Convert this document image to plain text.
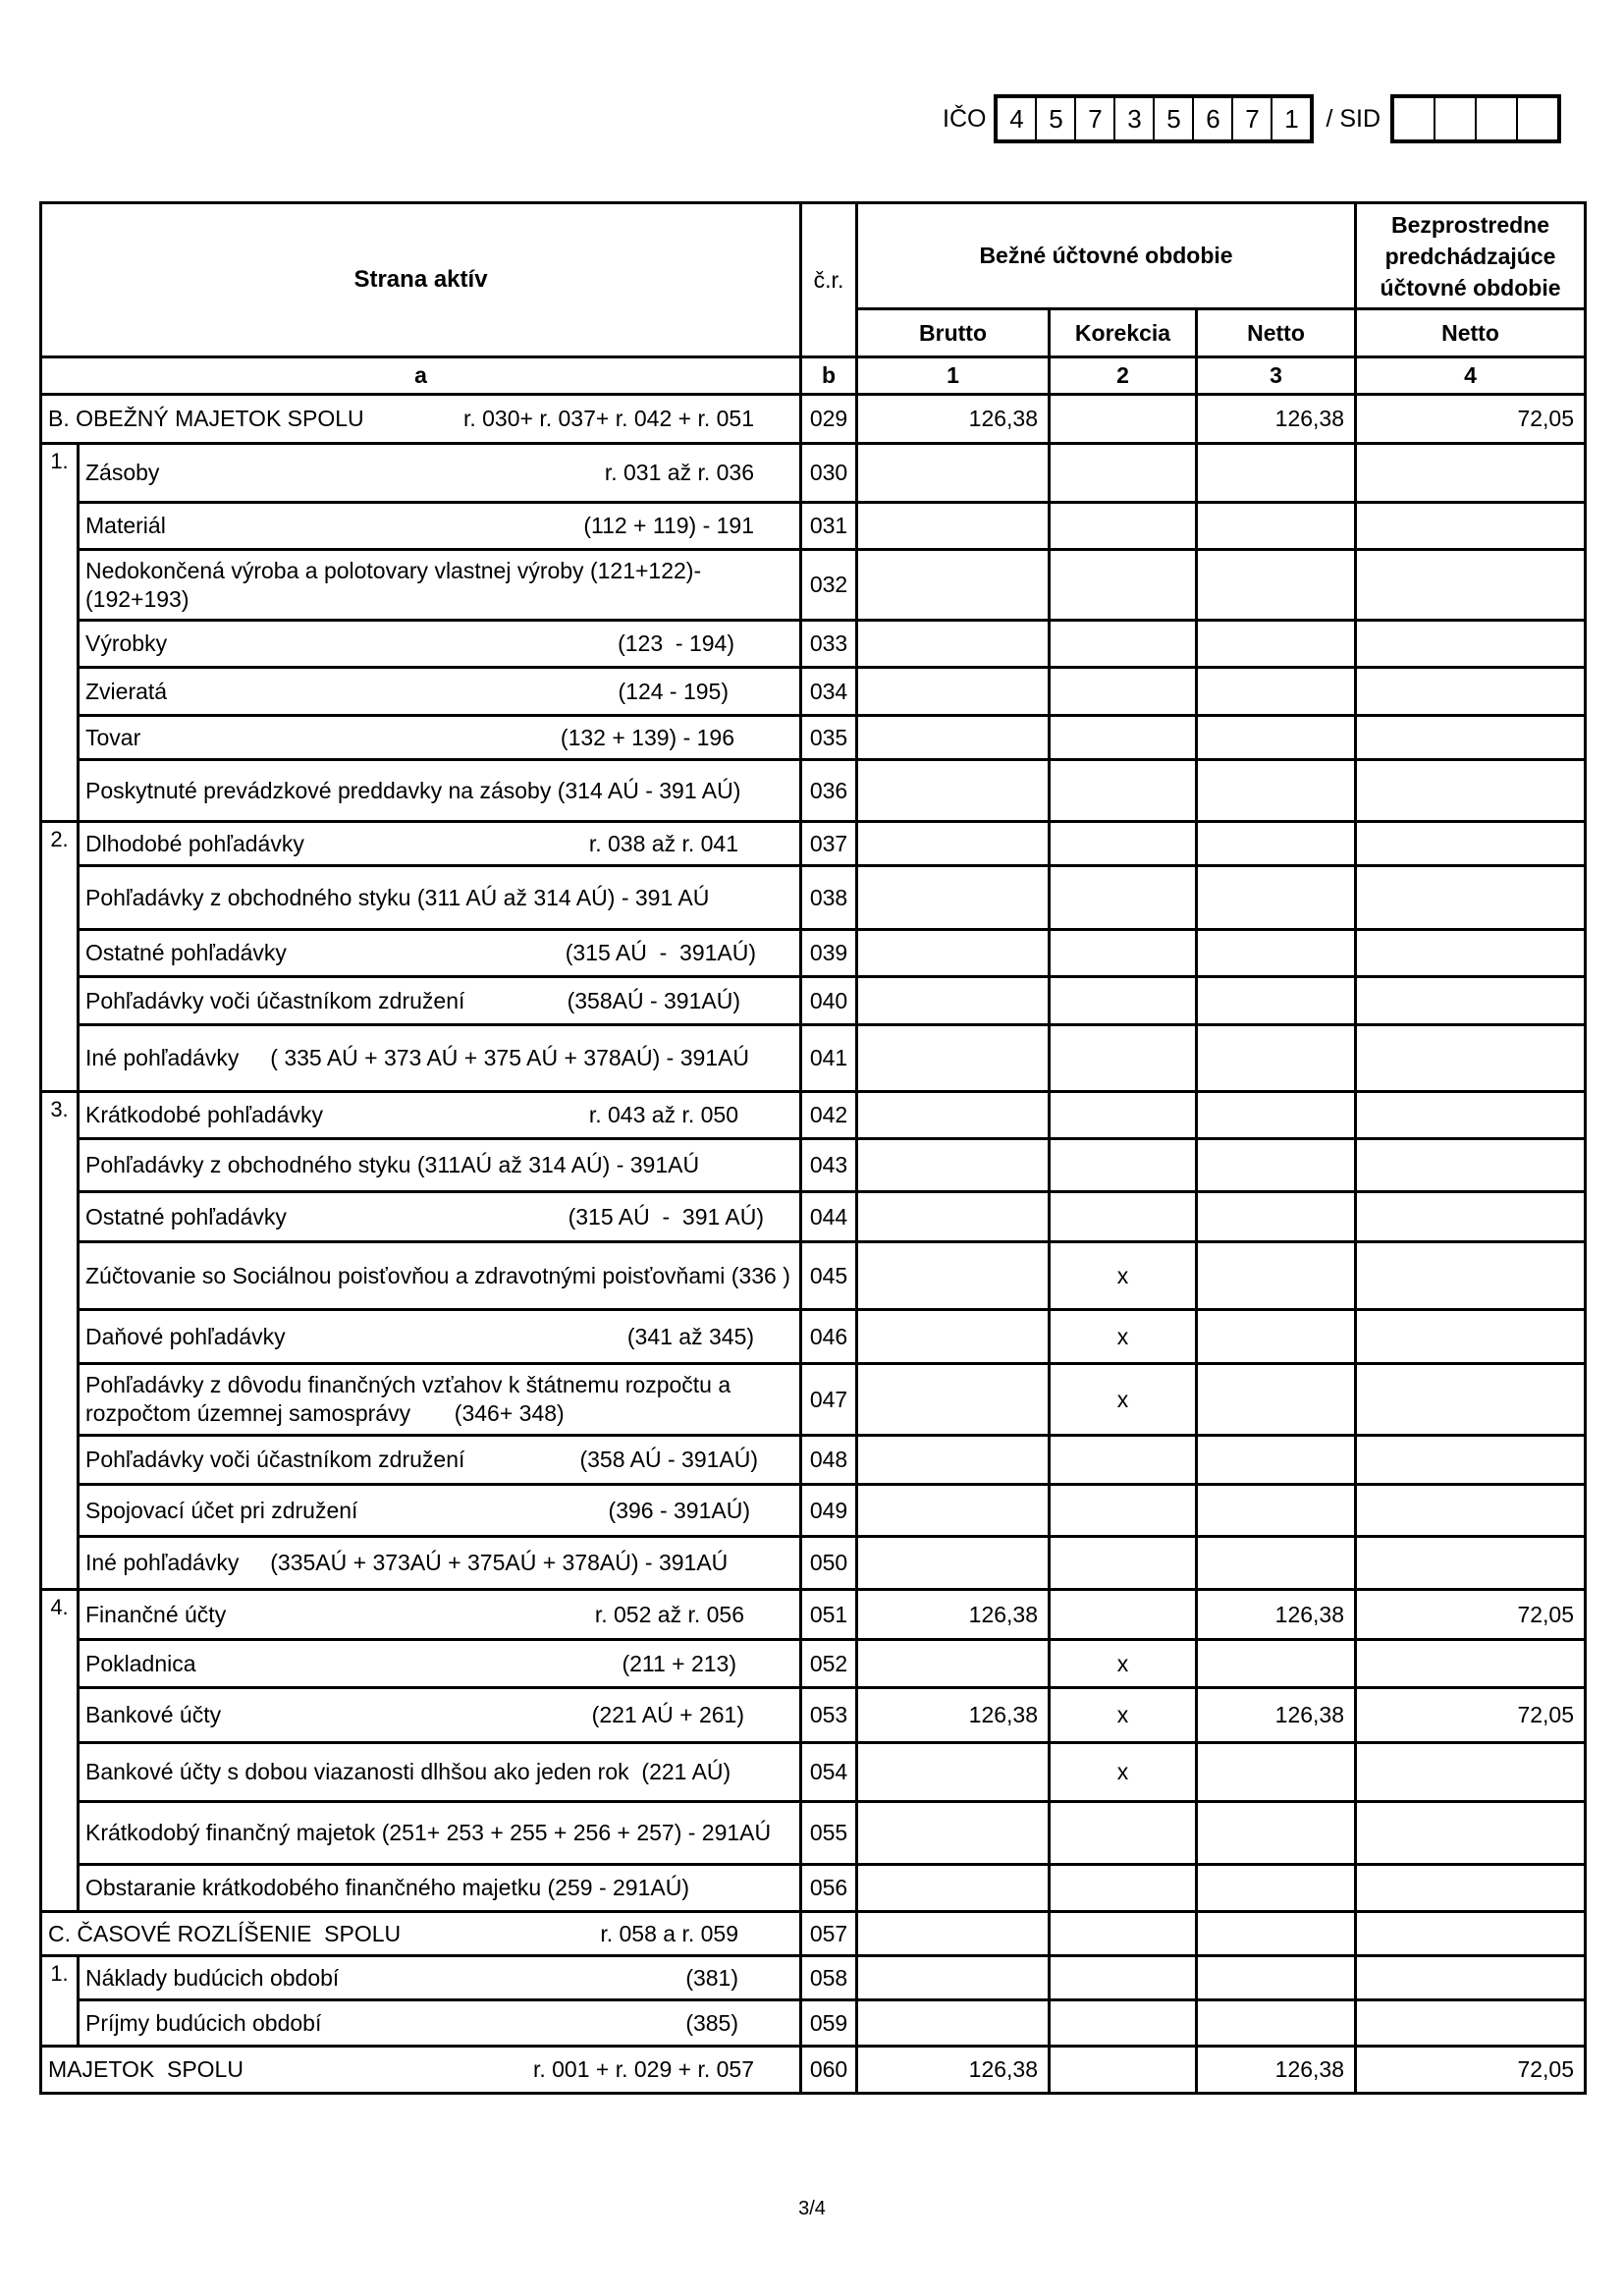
IČO 4 5 7 3 5 6 7 1	/ SID
Strana aktív		č.r.	Bežné účtovné obdobie			Bezprostredne predchádzajúce účtovné obdobie
			Brutto	Korekcia	Netto	Netto
a		b	1	2	3	4

B. OBEŽNÝ MAJETOK SPOLU r. 030+ r. 037+ r. 042 + r. 051		029	126,38		126,38	72,05
1.	Zásoby r. 031 až r. 036	030				

	Materiál (112 + 119) - 191	031				

	Nedokončená výroba a polotovary vlastnej výroby (121+122)-(192+193)	032				

	Výrobky (123  - 194)	033				

	Zvieratá (124 - 195)	034				

	Tovar (132 + 139) - 196	035				

	Poskytnuté prevádzkové preddavky na zásoby (314 AÚ - 391 AÚ)	036				
2.	Dlhodobé pohľadávky r. 038 až r. 041	037				

	Pohľadávky z obchodného styku (311 AÚ až 314 AÚ) - 391 AÚ	038				

	Ostatné pohľadávky (315 AÚ  -  391AÚ)	039				

	Pohľadávky voči účastníkom združení (358AÚ - 391AÚ)	040				

	Iné pohľadávky     ( 335 AÚ + 373 AÚ + 375 AÚ + 378AÚ) - 391AÚ	041				
3.	Krátkodobé pohľadávky r. 043 až r. 050	042				

	Pohľadávky z obchodného styku (311AÚ až 314 AÚ) - 391AÚ	043				

	Ostatné pohľadávky (315 AÚ  -  391 AÚ)	044				

	Zúčtovanie so Sociálnou poisťovňou a zdravotnými poisťovňami (336 )	045		x		

	Daňové pohľadávky (341 až 345)	046		x		

	Pohľadávky z dôvodu finančných vzťahov k štátnemu rozpočtu a rozpočtom územnej samosprávy       (346+ 348)	047		x		

	Pohľadávky voči účastníkom združení (358 AÚ - 391AÚ)	048				

	Spojovací účet pri združení (396 - 391AÚ)	049				

	Iné pohľadávky     (335AÚ + 373AÚ + 375AÚ + 378AÚ) - 391AÚ	050				
4.	Finančné účty r. 052 až r. 056	051	126,38		126,38	72,05

	Pokladnica (211 + 213)	052		x		

	Bankové účty (221 AÚ + 261)	053	126,38	x	126,38	72,05

	Bankové účty s dobou viazanosti dlhšou ako jeden rok  (221 AÚ)	054		x		

	Krátkodobý finančný majetok (251+ 253 + 255 + 256 + 257) - 291AÚ	055				

	Obstaranie krátkodobého finančného majetku (259 - 291AÚ)	056				

C. ČASOVÉ ROZLÍŠENIE  SPOLU r. 058 a r. 059		057				
1.	Náklady budúcich období (381)	058				

	Príjmy budúcich období (385)	059				

MAJETOK  SPOLU r. 001 + r. 029 + r. 057		060	126,38		126,38	72,05
3/4
